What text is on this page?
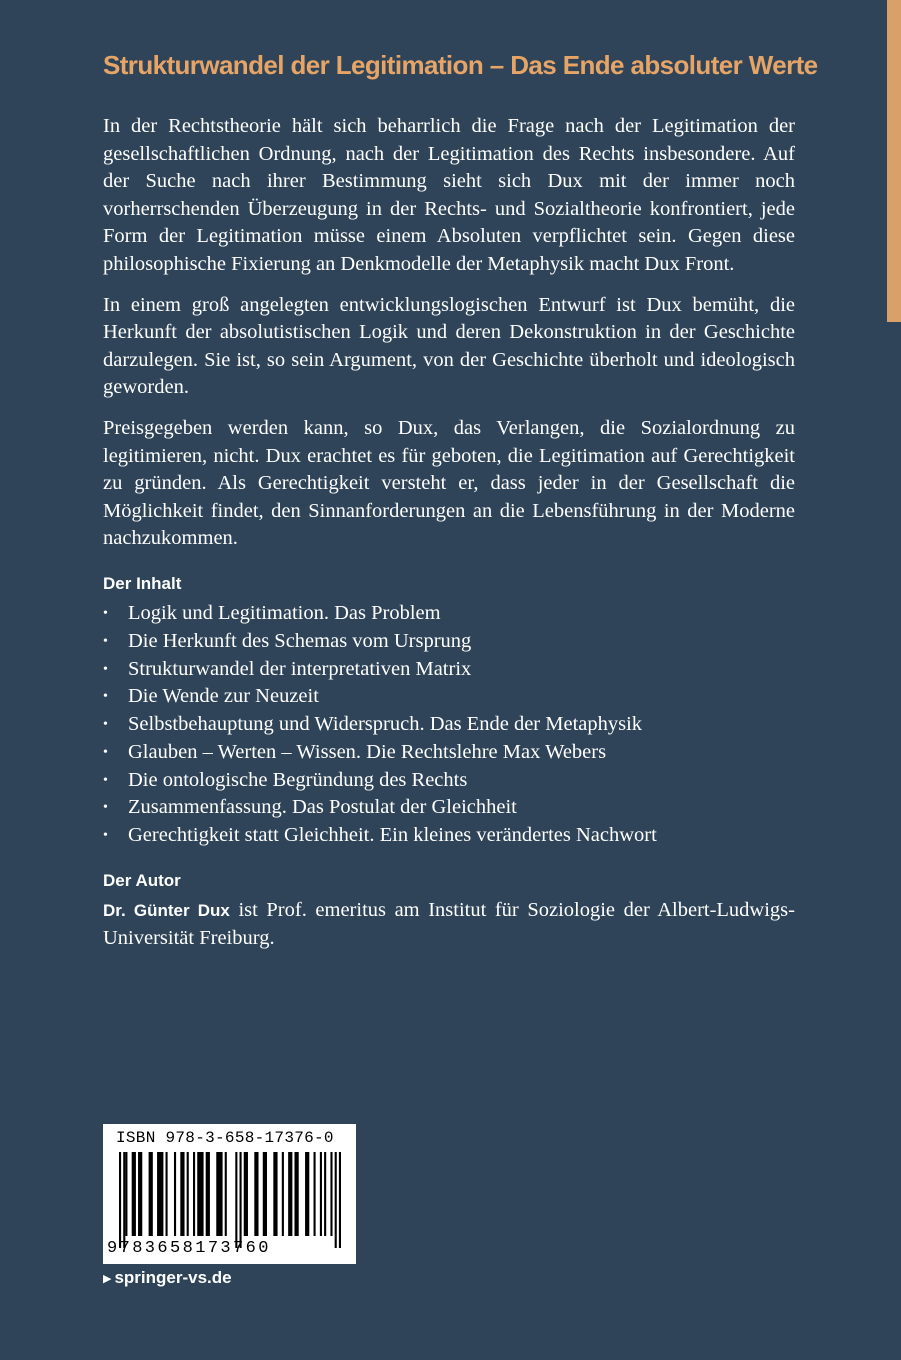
Strukturwandel der Legitimation – Das Ende absoluter Werte

In der Rechtstheorie hält sich beharrlich die Frage nach der Legitimation der gesellschaftlichen Ordnung, nach der Legitimation des Rechts insbesondere. Auf der Suche nach ihrer Bestimmung sieht sich Dux mit der immer noch vorherrschenden Überzeugung in der Rechts- und Sozialtheorie konfrontiert, jede Form der Legitimation müsse einem Absoluten verpflichtet sein. Gegen diese philosophische Fixierung an Denkmodelle der Metaphysik macht Dux Front.

In einem groß angelegten entwicklungslogischen Entwurf ist Dux bemüht, die Herkunft der absolutistischen Logik und deren Dekonstruktion in der Geschichte darzulegen. Sie ist, so sein Argument, von der Geschichte überholt und ideologisch geworden.

Preisgegeben werden kann, so Dux, das Verlangen, die Sozialordnung zu legitimieren, nicht. Dux erachtet es für geboten, die Legitimation auf Gerechtigkeit zu gründen. Als Gerechtigkeit versteht er, dass jeder in der Gesellschaft die Möglichkeit findet, den Sinnanforderungen an die Lebensführung in der Moderne nachzukommen.

Der Inhalt
• Logik und Legitimation. Das Problem
• Die Herkunft des Schemas vom Ursprung
• Strukturwandel der interpretativen Matrix
• Die Wende zur Neuzeit
• Selbstbehauptung und Widerspruch. Das Ende der Metaphysik
• Glauben – Werten – Wissen. Die Rechtslehre Max Webers
• Die ontologische Begründung des Rechts
• Zusammenfassung. Das Postulat der Gleichheit
• Gerechtigkeit statt Gleichheit. Ein kleines verändertes Nachwort
Der Autor

Dr. Günter Dux ist Prof. emeritus am Institut für Soziologie der Albert-Ludwigs-Universität Freiburg.

ISBN 978-3-658-17376-0
9783658173760
▶ springer-vs.de
